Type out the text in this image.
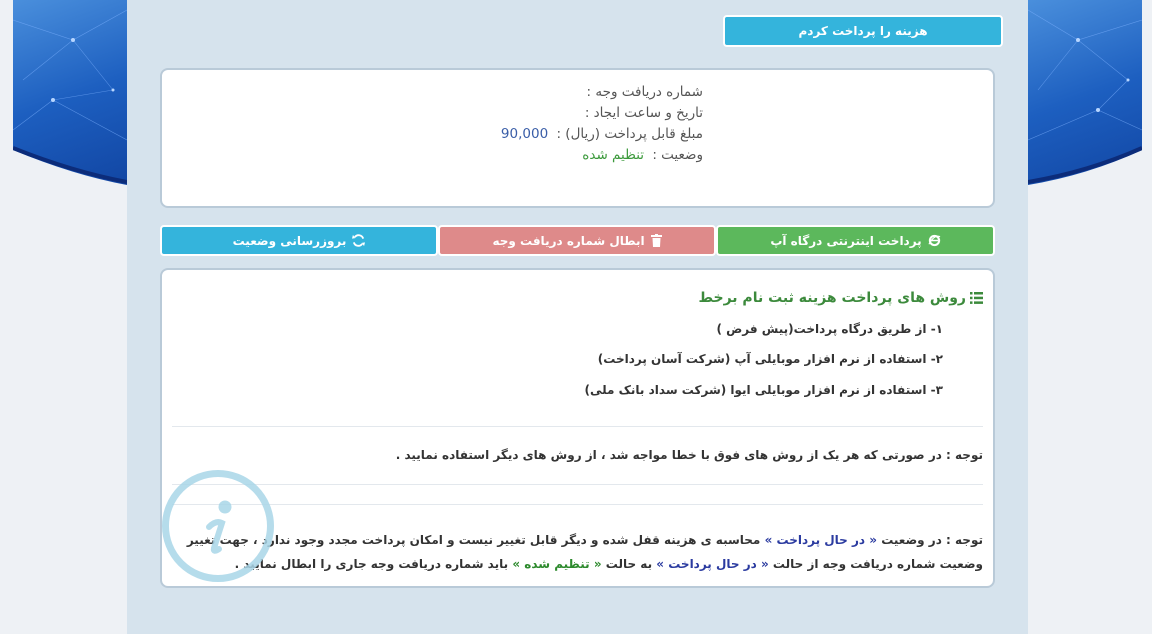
هزینه را پرداخت کردم
شماره دریافت وجه :
تاریخ و ساعت ایجاد :
مبلغ قابل پرداخت (ریال) : 90,000
وضعیت : تنظیم شده
پرداخت اینترنتی درگاه آپ
ابطال شماره دریافت وجه
بروزرسانی وضعیت
روش های پرداخت هزینه ثبت نام برخط
۱- از طریق درگاه پرداخت(پیش فرض )
۲- استفاده از نرم افزار موبایلی آپ (شرکت آسان پرداخت)
۳- استفاده از نرم افزار موبایلی ایوا (شرکت سداد بانک ملی)
توجه : در صورتی که هر یک از روش های فوق با خطا مواجه شد ، از روش های دیگر استفاده نمایید .
توجه : در وضعیت « در حال پرداخت » محاسبه ی هزینه قفل شده و دیگر قابل تغییر نیست و امکان پرداخت مجدد وجود ندارد ، جهت تغییر وضعیت شماره دریافت وجه از حالت « در حال پرداخت » به حالت « تنظیم شده » باید شماره دریافت وجه جاری را ابطال نمایید .
